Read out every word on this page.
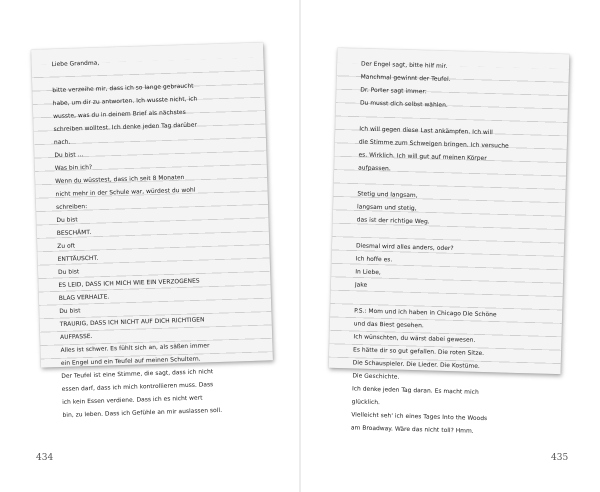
Liebe Grandma,
bitte verzeihe mir, dass ich so lange gebraucht
habe, um dir zu antworten. Ich wusste nicht, ich
wusste, was du in deinem Brief als nächstes
schreiben wolltest. Ich denke jeden Tag darüber
nach.
Du bist ...
Was bin ich?
Wenn du wüsstest, dass ich seit 8 Monaten
nicht mehr in der Schule war, würdest du wohl
schreiben:
Du bist
BESCHÄMT.
Zu oft
ENTTÄUSCHT.
Du bist
ES LEID, DASS ICH MICH WIE EIN VERZOGENES
BLAG VERHALTE.
Du bist
TRAURIG, DASS ICH NICHT AUF DICH RICHTIGEN
AUFPASSE.
Alles ist schwer. Es fühlt sich an, als säßen immer
ein Engel und ein Teufel auf meinen Schultern.
Der Teufel ist eine Stimme, die sagt, dass ich nicht
essen darf, dass ich mich kontrollieren muss. Dass
ich kein Essen verdiene. Dass ich es nicht wert
bin, zu leben. Dass ich Gefühle an mir auslassen soll.
Der Engel sagt, bitte hilf mir.
Manchmal gewinnt der Teufel.
Dr. Porter sagt immer:
Du musst dich selbst wählen.
Ich will gegen diese Last ankämpfen. Ich will
die Stimme zum Schweigen bringen. Ich versuche
es. Wirklich. Ich will gut auf meinen Körper
aufpassen.
Stetig und langsam,
langsam und stetig,
das ist der richtige Weg.
Diesmal wird alles anders, oder?
Ich hoffe es.
In Liebe,
Jake
P.S.: Mom und ich haben in Chicago Die Schöne
und das Biest gesehen.
Ich wünschten, du wärst dabei gewesen.
Es hätte dir so gut gefallen. Die roten Sitze.
Die Schauspieler. Die Lieder. Die Kostüme.
Die Geschichte.
Ich denke jeden Tag daran. Es macht mich
glücklich.
Vielleicht seh' ich eines Tages Into the Woods
am Broadway. Wäre das nicht toll? Hmm.
434	435
